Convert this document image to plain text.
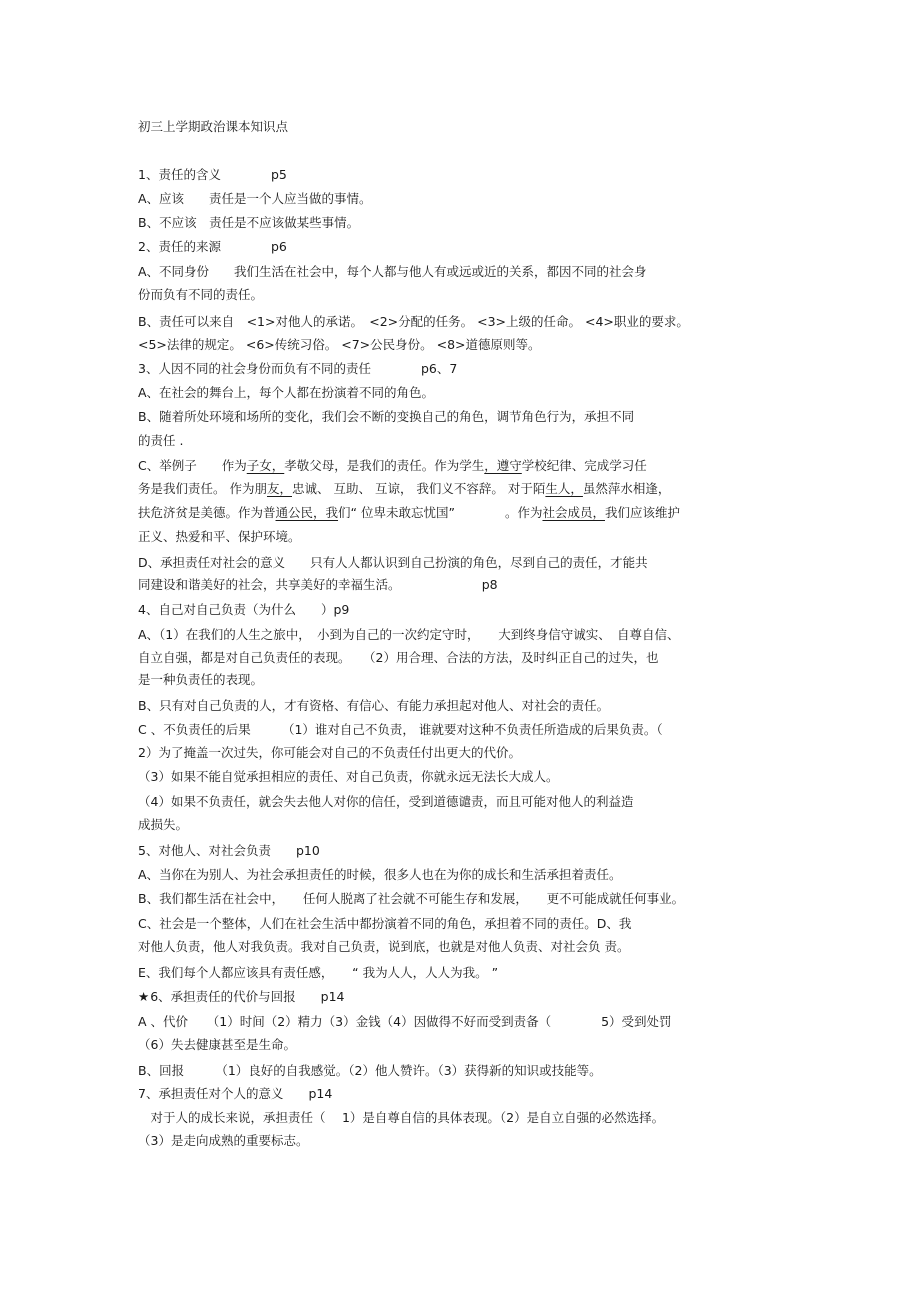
初三上学期政治课本知识点
1、责任的含义　　　　p5
A、应该　　责任是一个人应当做的事情。
B、不应该　责任是不应该做某些事情。
2、责任的来源　　　　p6
A、不同身份　　我们生活在社会中，每个人都与他人有或远或近的关系，都因不同的社会身
份而负有不同的责任。
B、责任可以来自　<1>对他人的承诺。　<2>分配的任务。 <3>上级的任命。 <4>职业的要求。
<5>法律的规定。 <6>传统习俗。 <7>公民身份。 <8>道德原则等。
3、人因不同的社会身份而负有不同的责任　　　　p6、7
A、在社会的舞台上，每个人都在扮演着不同的角色。
B、随着所处环境和场所的变化，我们会不断的变换自己的角色，调节角色行为，承担不同
的责任 .
C、举例子　　作为子女，孝敬父母，是我们的责任。作为学生，遵守学校纪律、完成学习任
务是我们责任。 作为朋友，忠诚、 互助、 互谅， 我们义不容辞。 对于陌生人，虽然萍水相逢，
扶危济贫是美德。作为普通公民，我们“ 位卑未敢忘忧国”　　　　。作为社会成员，我们应该维护
正义、热爱和平、保护环境。
D、承担责任对社会的意义　　只有人人都认识到自己扮演的角色，尽到自己的责任，才能共
同建设和谐美好的社会，共享美好的幸福生活。　　　　　　　p8
4、自己对自己负责（为什么　　）p9
A、（1）在我们的人生之旅中，　小到为自己的一次约定守时，　　大到终身信守诚实、　自尊自信、
自立自强，都是对自己负责任的表现。　　（2）用合理、合法的方法，及时纠正自己的过失，也
是一种负责任的表现。
B、只有对自己负责的人，才有资格、有信心、有能力承担起对他人、对社会的责任。
C 、不负责任的后果　　　（1）谁对自己不负责， 谁就要对这种不负责任所造成的后果负责。（
2）为了掩盖一次过失，你可能会对自己的不负责任付出更大的代价。
（3）如果不能自觉承担相应的责任、对自己负责，你就永远无法长大成人。
（4）如果不负责任，就会失去他人对你的信任，受到道德谴责，而且可能对他人的利益造
成损失。
5、对他人、对社会负责　　p10
A、当你在为别人、为社会承担责任的时候，很多人也在为你的成长和生活承担着责任。
B、我们都生活在社会中，　　任何人脱离了社会就不可能生存和发展，　　更不可能成就任何事业。
C、社会是一个整体，人们在社会生活中都扮演着不同的角色，承担着不同的责任。D、我
对他人负责，他人对我负责。我对自己负责，说到底，也就是对他人负责、对社会负 责。
E、我们每个人都应该具有责任感，　　“ 我为人人，人人为我。 ”
★6、承担责任的代价与回报　　p14
A 、代价　　（1）时间（2）精力（3）金钱（4）因做得不好而受到责备（　　　　5）受到处罚
（6）失去健康甚至是生命。
B、回报　　　（1）良好的自我感觉。（2）他人赞许。（3）获得新的知识或技能等。
7、承担责任对个人的意义　　p14
　对于人的成长来说，承担责任（　 1）是自尊自信的具体表现。（2）是自立自强的必然选择。
（3）是走向成熟的重要标志。
